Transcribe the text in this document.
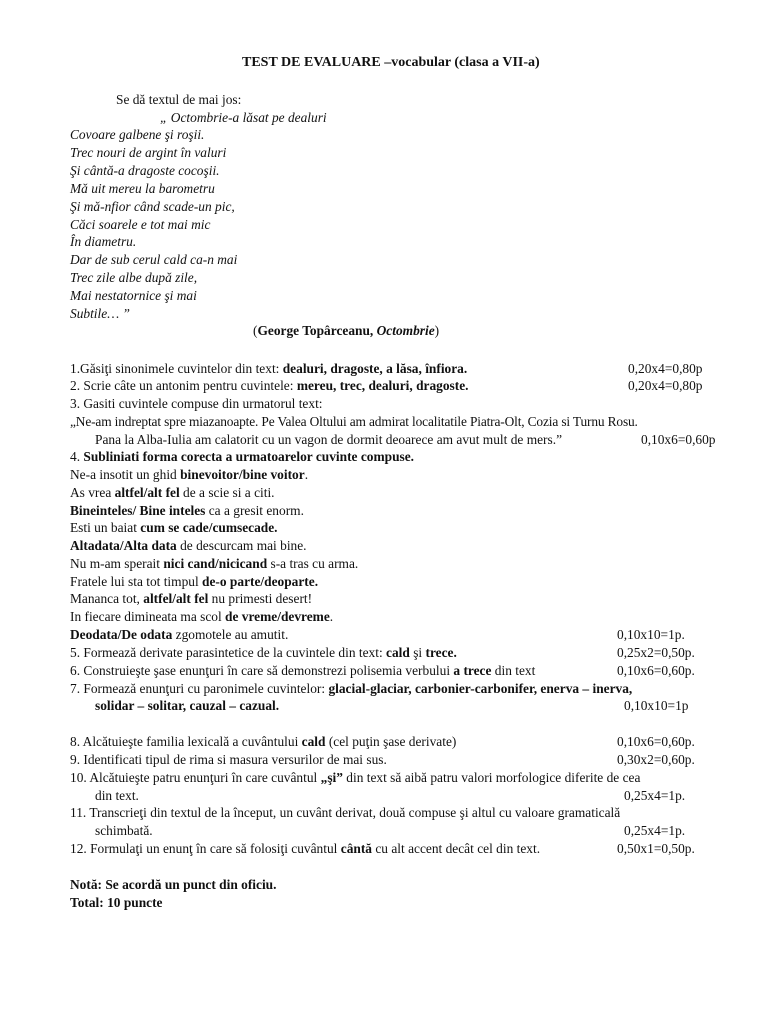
TEST DE EVALUARE –vocabular (clasa a VII-a)
Se dă textul de mai jos:
„ Octombrie-a lăsat pe dealuri
Covoare galbene şi roşii.
Trec nouri de argint în valuri
Şi cântă-a dragoste cocoşii.
Mă uit mereu la barometru
Şi mă-nfior când scade-un pic,
Căci soarele e tot mai mic
În diametru.
Dar de sub cerul cald ca-n mai
Trec zile albe după zile,
Mai nestatornice şi mai
Subtile… ”
(George Topârceanu, Octombrie)
1.Găsiţi sinonimele cuvintelor din text: dealuri, dragoste, a lăsa, înfiora.	0,20x4=0,80p
2. Scrie câte un antonim pentru cuvintele: mereu, trec, dealuri, dragoste.	0,20x4=0,80p
3. Gasiti cuvintele compuse din urmatorul text:
„Ne-am indreptat spre miazanoapte. Pe Valea Oltului am admirat localitatile Piatra-Olt, Cozia si Turnu Rosu.
Pana la Alba-Iulia am calatorit cu un vagon de dormit deoarece am avut mult de mers.”	0,10x6=0,60p
4. Subliniati forma corecta a urmatoarelor cuvinte compuse.
Ne-a insotit un ghid binevoitor/bine voitor.
As vrea altfel/alt fel de a scie si a citi.
Bineinteles/ Bine inteles ca a gresit enorm.
Esti un baiat cum se cade/cumsecade.
Altadata/Alta data de descurcam mai bine.
Nu m-am sperait nici cand/nicicand s-a tras cu arma.
Fratele lui sta tot timpul de-o parte/deoparte.
Mananca tot, altfel/alt fel nu primesti desert!
In fiecare dimineata ma scol de vreme/devreme.
Deodata/De odata zgomotele au amutit.	0,10x10=1p.
5. Formează derivate parasintetice de la cuvintele din text: cald şi trece.	0,25x2=0,50p.
6. Construieşte şase enunţuri în care să demonstrezi polisemia verbului a trece din text	0,10x6=0,60p.
7. Formează enunţuri cu paronimele cuvintelor: glacial-glaciar, carbonier-carbonifer, enerva – inerva,
solidar – solitar, cauzal – cazual.	0,10x10=1p
8. Alcătuieşte familia lexicală a cuvântului cald (cel puţin şase derivate)	0,10x6=0,60p.
9. Identificati tipul de rima si masura versurilor de mai sus.	0,30x2=0,60p.
10. Alcătuieşte patru enunţuri în care cuvântul „şi” din text să aibă patru valori morfologice diferite de cea
din text.	0,25x4=1p.
11. Transcrieţi din textul de la început, un cuvânt derivat, două compuse şi altul cu valoare gramaticală
schimbată.	0,25x4=1p.
12. Formulaţi un enunţ în care să folosiţi cuvântul cântă cu alt accent decât cel din text.	0,50x1=0,50p.
Notă: Se acordă un punct din oficiu.
Total: 10 puncte
